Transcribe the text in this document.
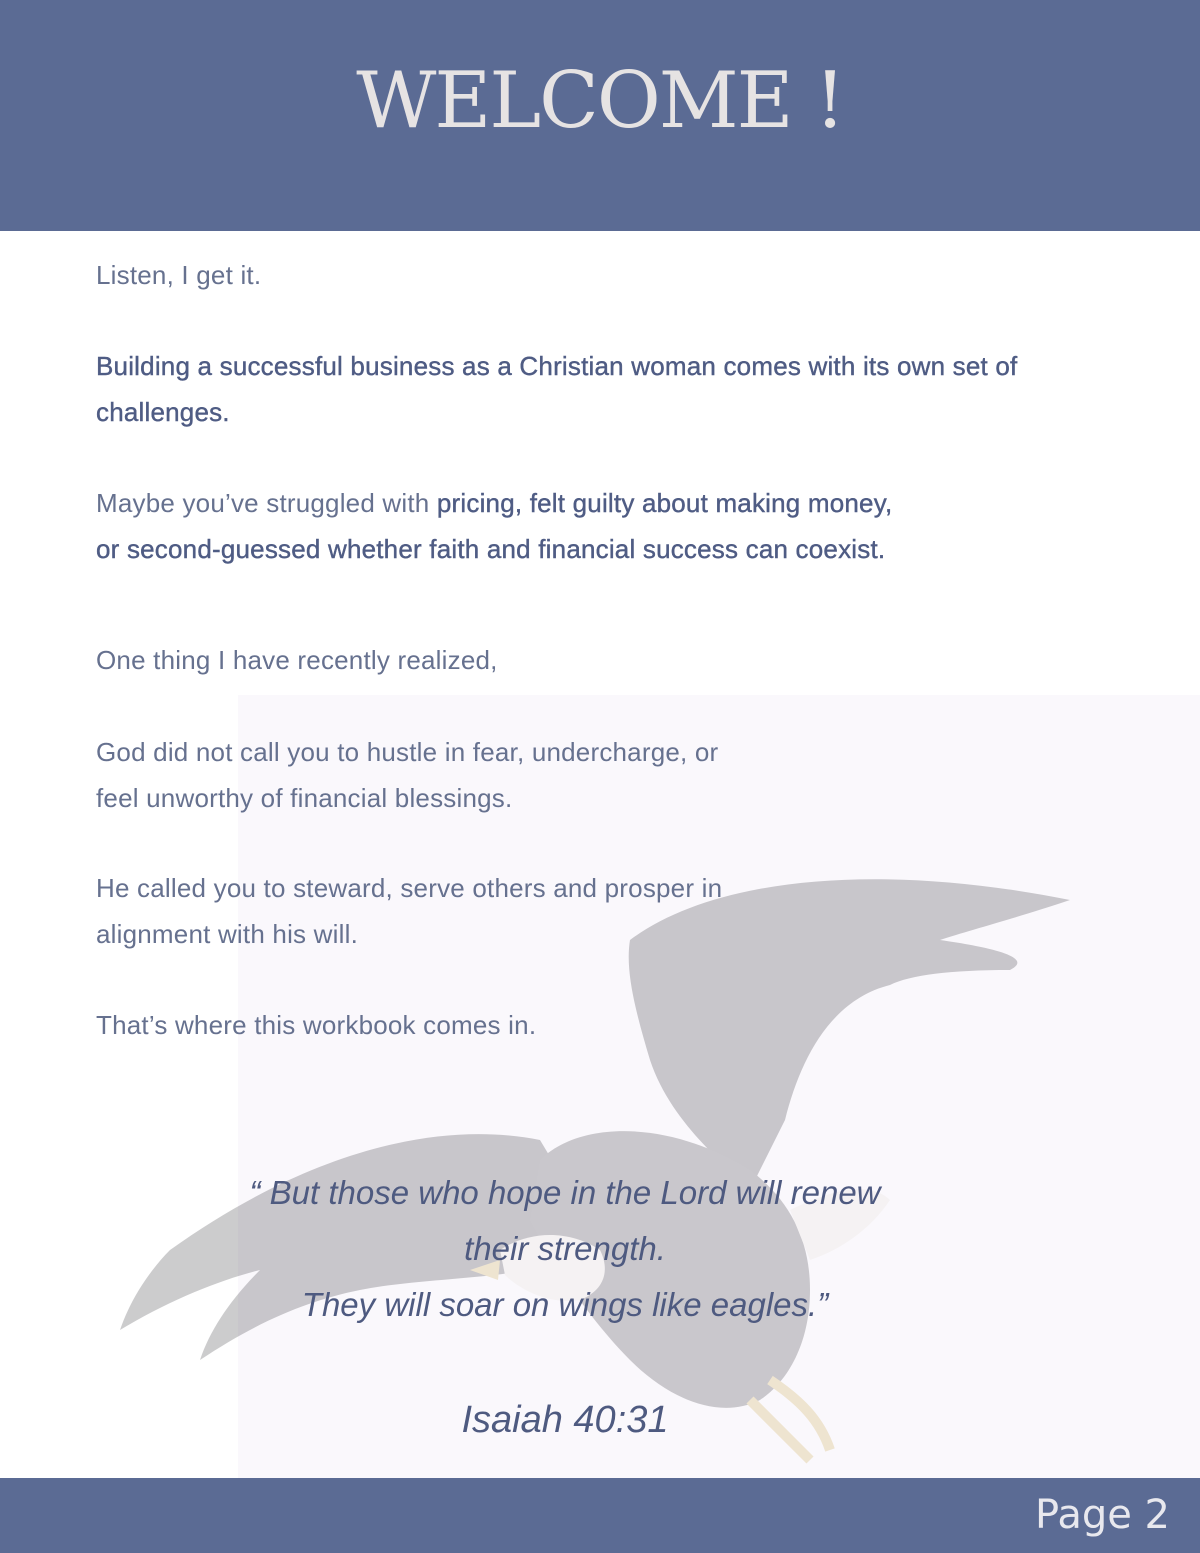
WELCOME !

Listen, I get it.

Building a successful business as a Christian woman comes with its own set of challenges.

Maybe you’ve struggled with pricing, felt guilty about making money,
or second-guessed whether faith and financial success can coexist.

One thing I have recently realized,

God did not call you to hustle in fear, undercharge, or
feel unworthy of financial blessings.

He called you to steward, serve others and prosper in
alignment with his will.

That’s where this workbook comes in.

“ But those who hope in the Lord will renew
their strength.
They will soar on wings like eagles.”

Isaiah 40:31

Page 2
